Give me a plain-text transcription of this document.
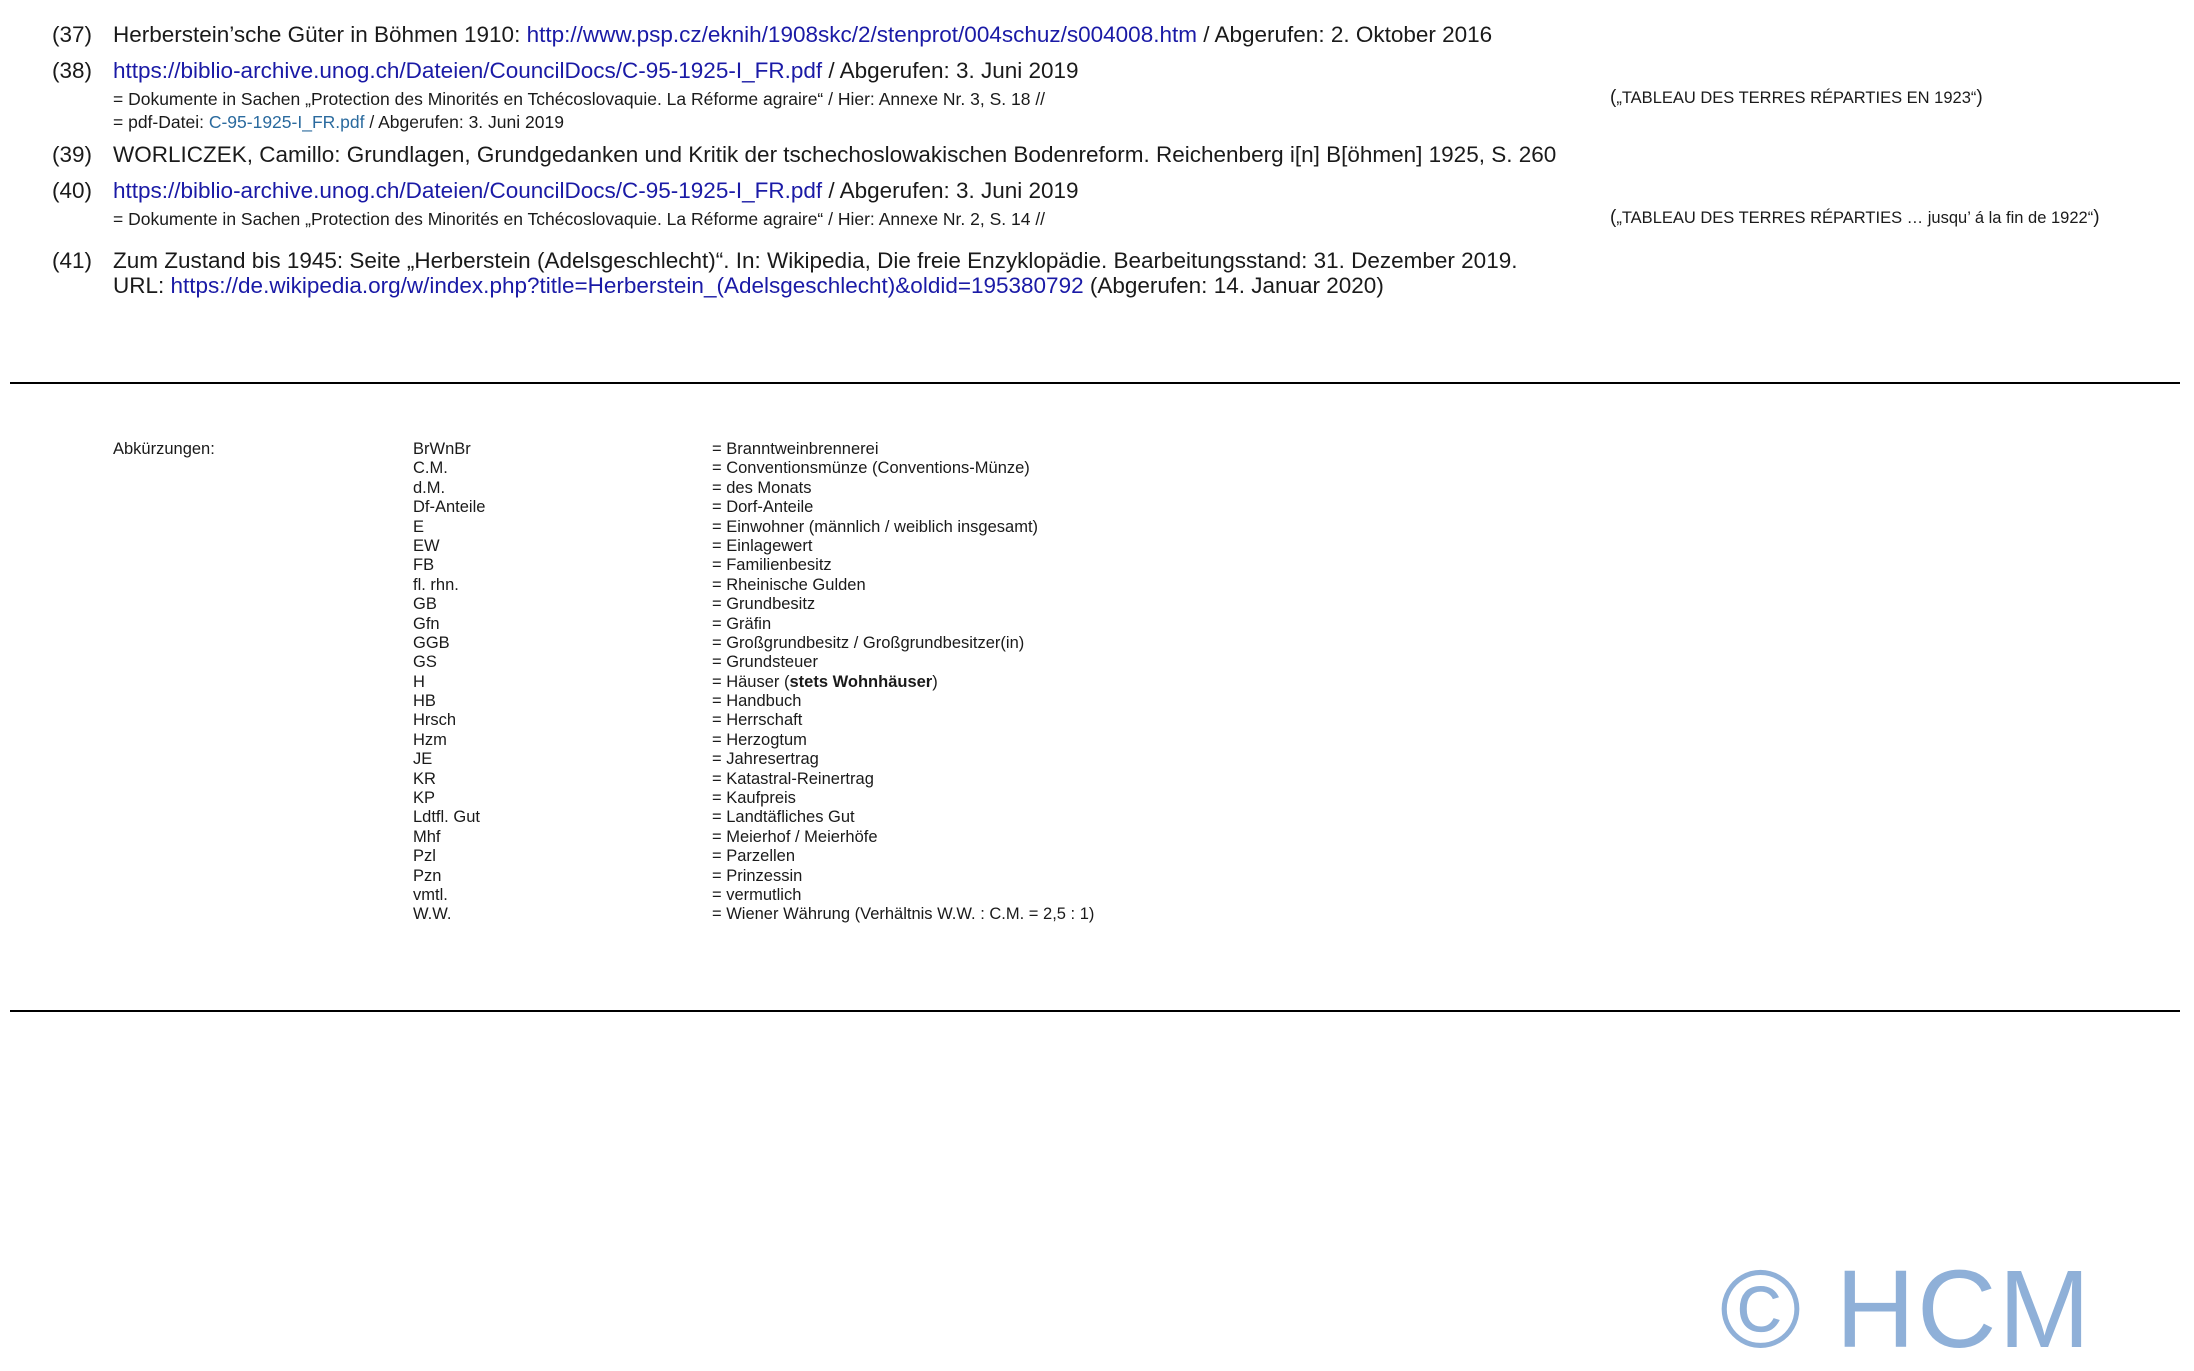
(37) Herberstein’sche Güter in Böhmen 1910: http://www.psp.cz/eknih/1908skc/2/stenprot/004schuz/s004008.htm / Abgerufen: 2. Oktober 2016
(38) https://biblio-archive.unog.ch/Dateien/CouncilDocs/C-95-1925-I_FR.pdf / Abgerufen: 3. Juni 2019
= Dokumente in Sachen „Protection des Minorités en Tchécoslovaquie. La Réforme agraire“ / Hier: Annexe Nr. 3, S. 18 //
= pdf-Datei: C-95-1925-I_FR.pdf / Abgerufen: 3. Juni 2019
(„TABLEAU DES TERRES RÉPARTIES EN 1923“)
(39) WORLICZEK, Camillo: Grundlagen, Grundgedanken und Kritik der tschechoslowakischen Bodenreform. Reichenberg i[n] B[öhmen] 1925, S. 260
(40) https://biblio-archive.unog.ch/Dateien/CouncilDocs/C-95-1925-I_FR.pdf / Abgerufen: 3. Juni 2019
= Dokumente in Sachen „Protection des Minorités en Tchécoslovaquie. La Réforme agraire“ / Hier: Annexe Nr. 2, S. 14 //	(„TABLEAU DES TERRES RÉPARTIES … jusqu’ á la fin de 1922“)
(41) Zum Zustand bis 1945: Seite „Herberstein (Adelsgeschlecht)“. In: Wikipedia, Die freie Enzyklopädie. Bearbeitungsstand: 31. Dezember 2019.
URL: https://de.wikipedia.org/w/index.php?title=Herberstein_(Adelsgeschlecht)&oldid=195380792 (Abgerufen: 14. Januar 2020)
Abkürzungen:	BrWnBr	= Branntweinbrennerei
C.M.	= Conventionsmünze (Conventions-Münze)
d.M.	= des Monats
Df-Anteile	= Dorf-Anteile
E	= Einwohner (männlich / weiblich insgesamt)
EW	= Einlagewert
FB	= Familienbesitz
fl. rhn.	= Rheinische Gulden
GB	= Grundbesitz
Gfn	= Gräfin
GGB	= Großgrundbesitz / Großgrundbesitzer(in)
GS	= Grundsteuer
H	= Häuser (stets Wohnhäuser)
HB	= Handbuch
Hrsch	= Herrschaft
Hzm	= Herzogtum
JE	= Jahresertrag
KR	= Katastral-Reinertrag
KP	= Kaufpreis
Ldtfl. Gut	= Landtäfliches Gut
Mhf	= Meierhof / Meierhöfe
Pzl	= Parzellen
Pzn	= Prinzessin
vmtl.	= vermutlich
W.W.	= Wiener Währung (Verhältnis W.W. : C.M. = 2,5 : 1)
© HCM
